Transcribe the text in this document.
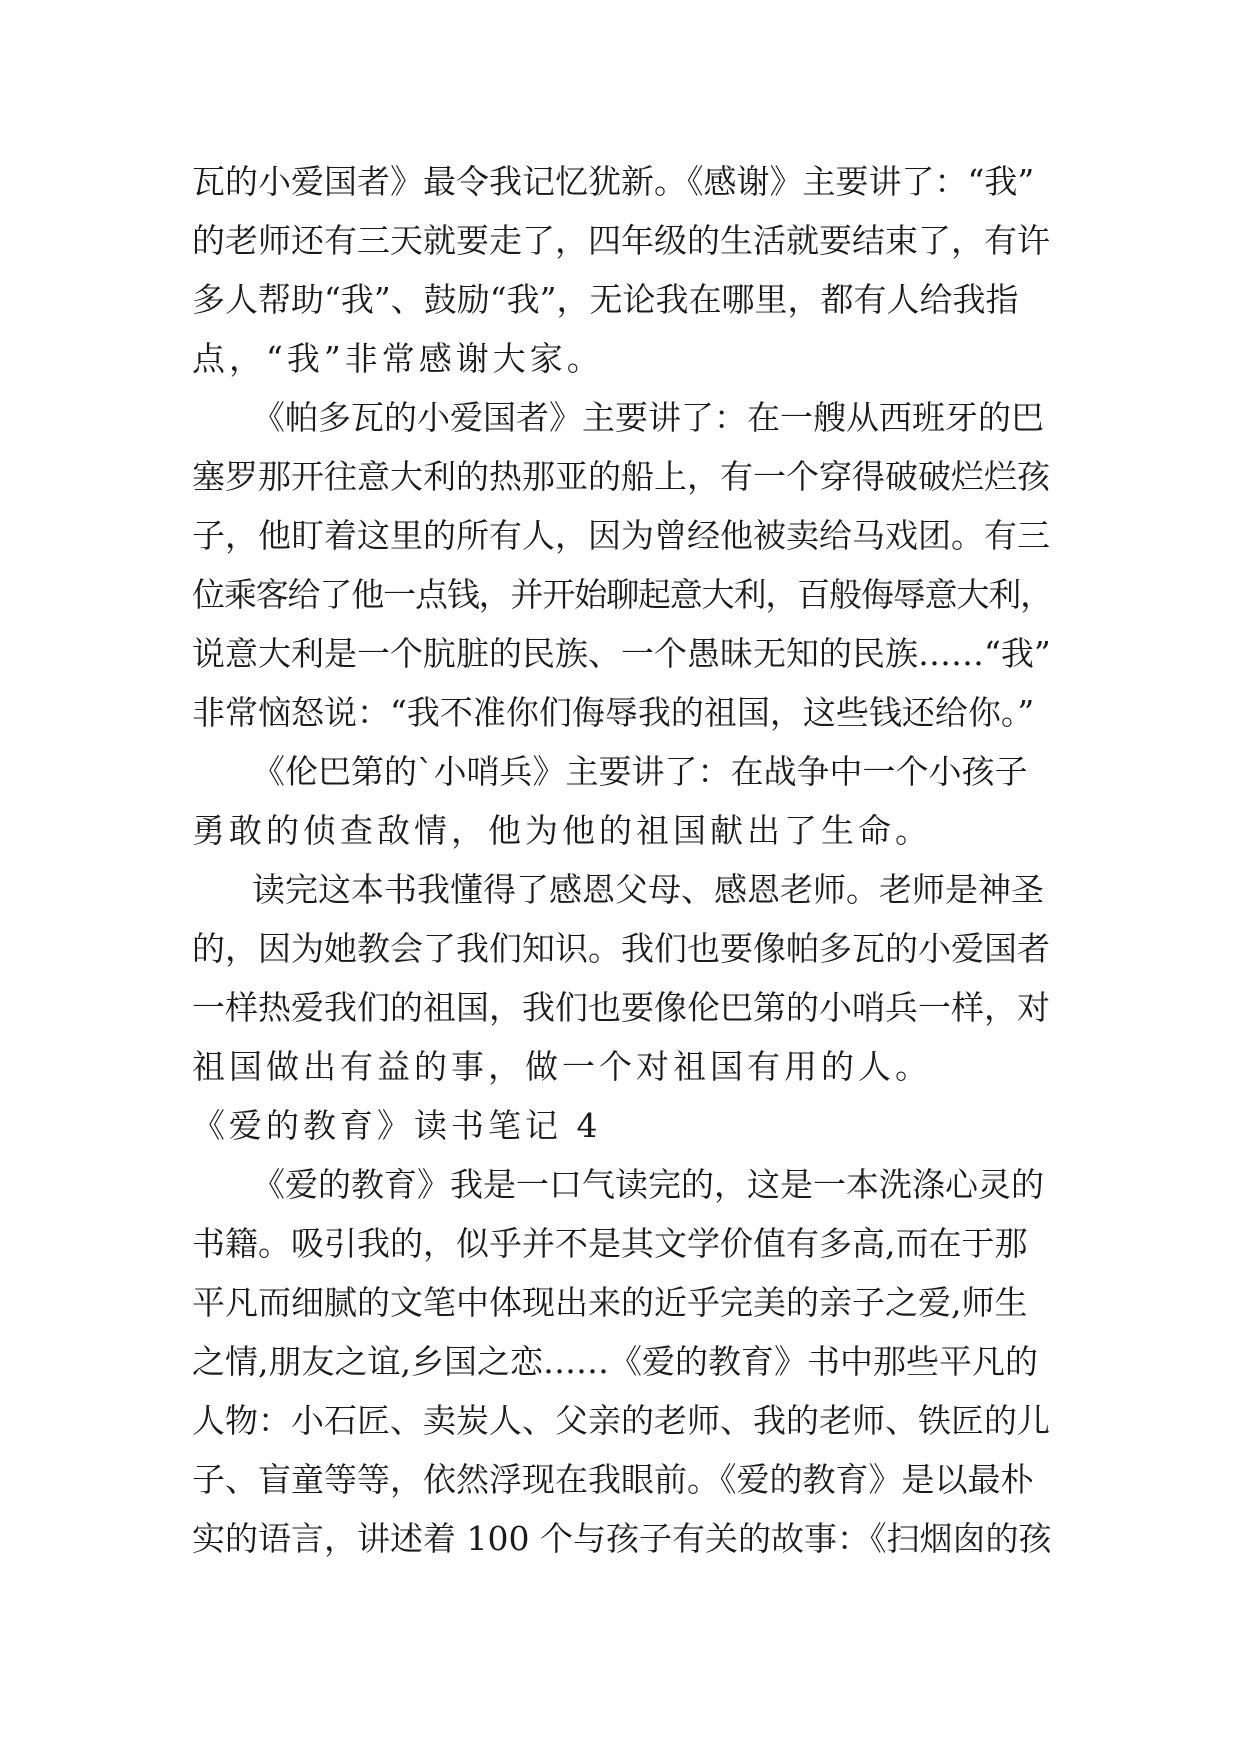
瓦的小爱国者》最令我记忆犹新。《感谢》主要讲了：“我”
的老师还有三天就要走了，四年级的生活就要结束了，有许
多人帮助“我”、鼓励“我”，无论我在哪里，都有人给我指
点，“我”非常感谢大家。
《帕多瓦的小爱国者》主要讲了：在一艘从西班牙的巴
塞罗那开往意大利的热那亚的船上，有一个穿得破破烂烂孩
子，他盯着这里的所有人，因为曾经他被卖给马戏团。有三
位乘客给了他一点钱，并开始聊起意大利，百般侮辱意大利，
说意大利是一个肮脏的民族、一个愚昧无知的民族……“我”
非常恼怒说：“我不准你们侮辱我的祖国，这些钱还给你。”
《伦巴第的`小哨兵》主要讲了：在战争中一个小孩子
勇敢的侦查敌情，他为他的祖国献出了生命。
读完这本书我懂得了感恩父母、感恩老师。老师是神圣
的，因为她教会了我们知识。我们也要像帕多瓦的小爱国者
一样热爱我们的祖国，我们也要像伦巴第的小哨兵一样，对
祖国做出有益的事，做一个对祖国有用的人。
《爱的教育》读书笔记 4
《爱的教育》我是一口气读完的，这是一本洗涤心灵的
书籍。吸引我的，似乎并不是其文学价值有多高,而在于那
平凡而细腻的文笔中体现出来的近乎完美的亲子之爱,师生
之情,朋友之谊,乡国之恋……《爱的教育》书中那些平凡的
人物：小石匠、卖炭人、父亲的老师、我的老师、铁匠的儿
子、盲童等等，依然浮现在我眼前。《爱的教育》是以最朴
实的语言，讲述着 100 个与孩子有关的故事：《扫烟囱的孩
